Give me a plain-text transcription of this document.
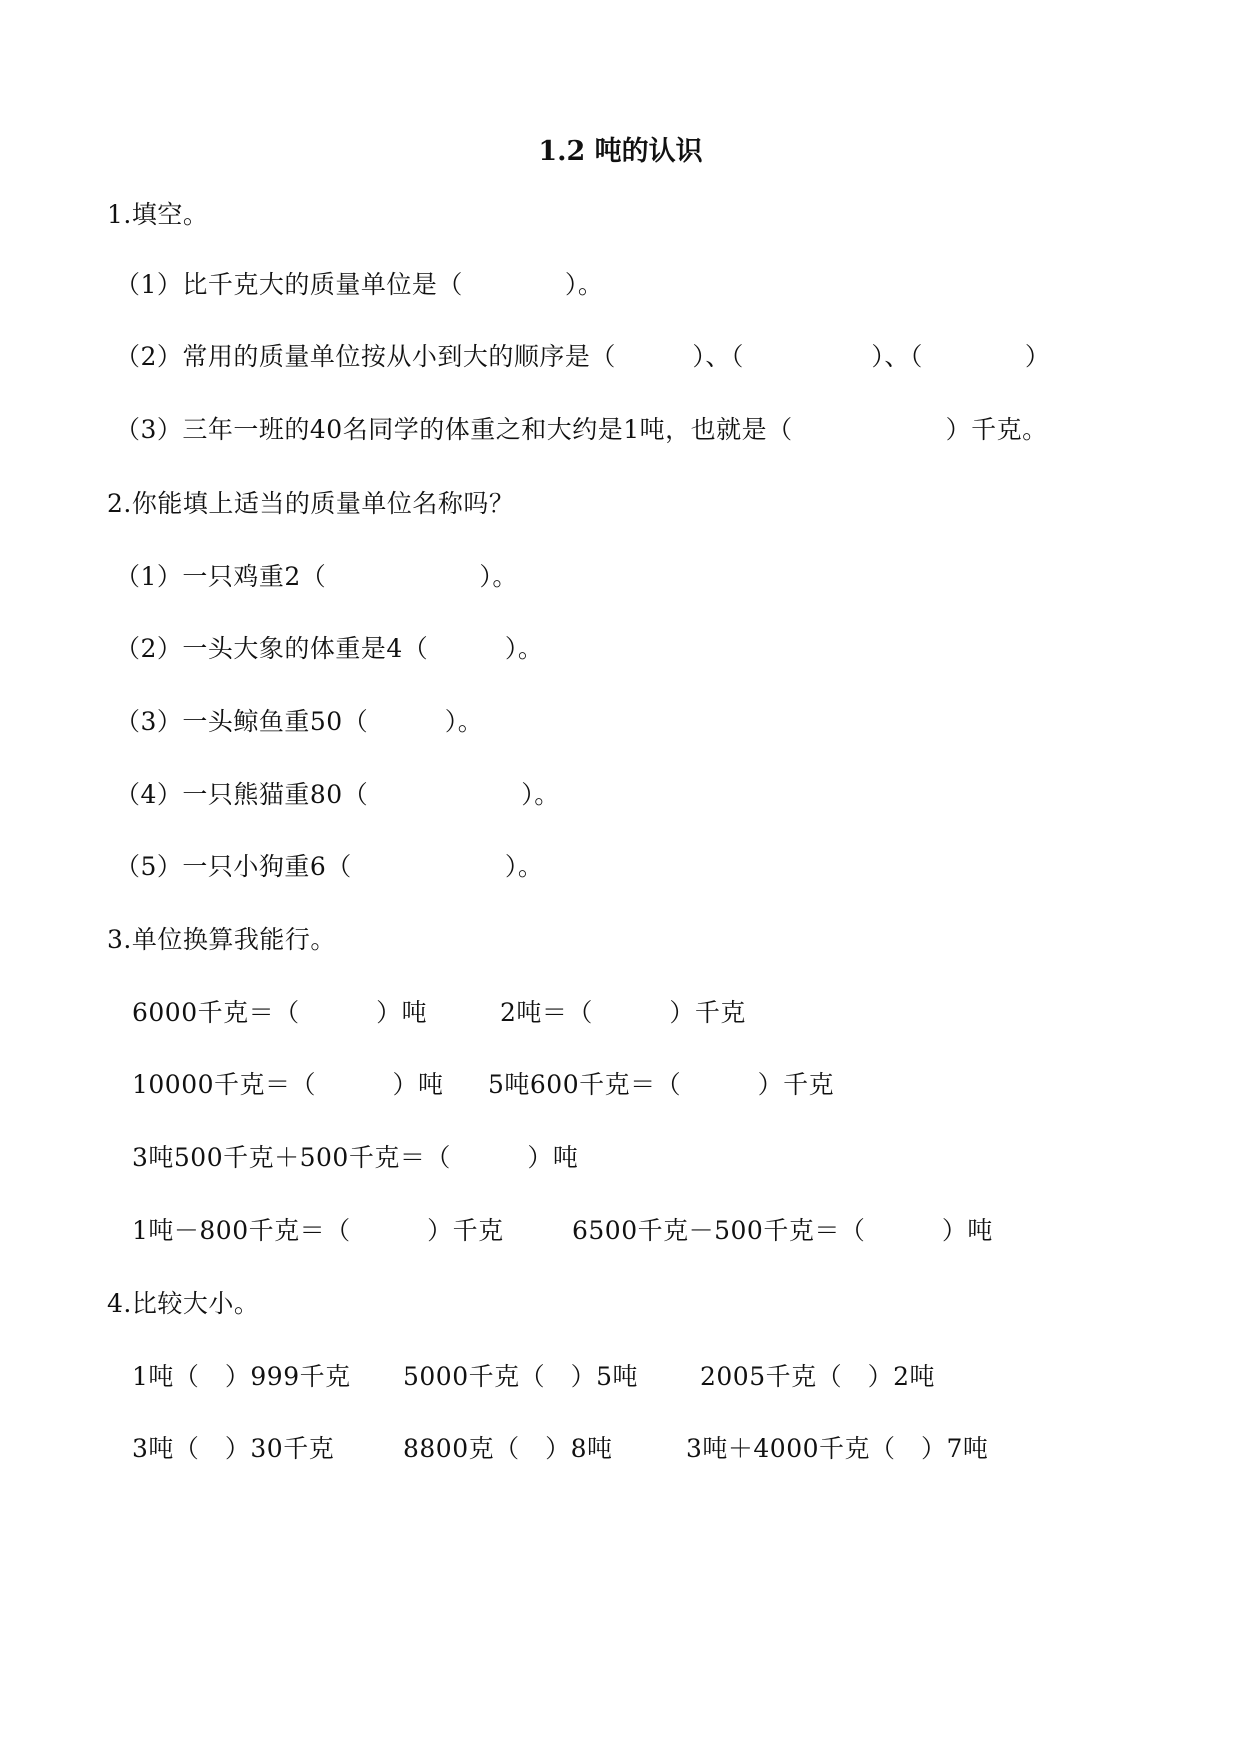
1.2 吨的认识
1.填空。
（1）比千克大的质量单位是（　　　　）。
（2）常用的质量单位按从小到大的顺序是（　　　）、（　　　　　）、（　　　　）
（3）三年一班的40名同学的体重之和大约是1吨，也就是（　　　　　　）千克。
2.你能填上适当的质量单位名称吗？
（1）一只鸡重2（　　　　　　）。
（2）一头大象的体重是4（　　　）。
（3）一头鲸鱼重50（　　　）。
（4）一只熊猫重80（　　　　　　）。
（5）一只小狗重6（　　　　　　）。
3.单位换算我能行。
6000千克＝（　　　）吨	2吨＝（　　　）千克
10000千克＝（　　　）吨 5吨600千克＝（　　　）千克
3吨500千克＋500千克＝（　　　）吨
1吨－800千克＝（　　　）千克	6500千克－500千克＝（　　　）吨
4.比较大小。
1吨（　）999千克 5000千克（　）5吨 2005千克（　）2吨
3吨（　）30千克	8800克（　）8吨	3吨＋4000千克（　）7吨
